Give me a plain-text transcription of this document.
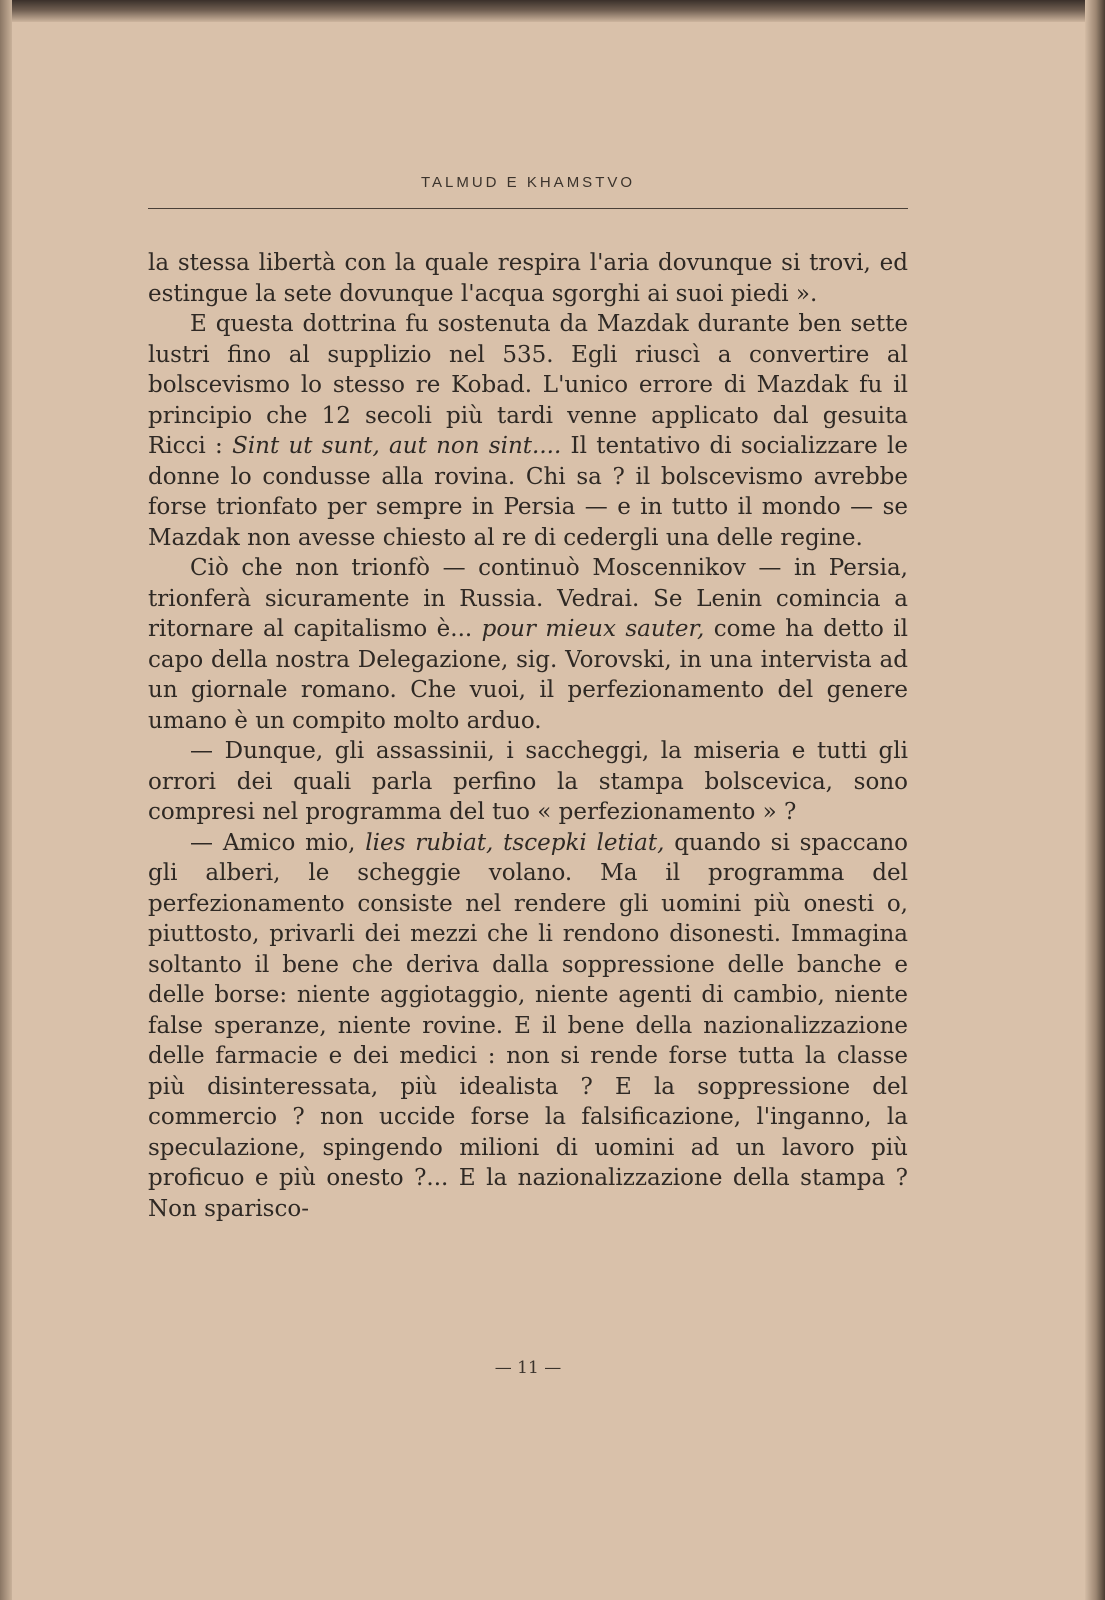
TALMUD E KHAMSTVO

la stessa libertà con la quale respira l'aria dovunque si trovi, ed estingue la sete dovunque l'acqua sgorghi ai suoi piedi ».

E questa dottrina fu sostenuta da Mazdak durante ben sette lustri fino al supplizio nel 535. Egli riuscì a convertire al bolscevismo lo stesso re Kobad. L'unico errore di Mazdak fu il principio che 12 secoli più tardi venne applicato dal gesuita Ricci : Sint ut sunt, aut non sint.... Il tentativo di socializzare le donne lo condusse alla rovina. Chi sa ? il bolscevismo avrebbe forse trionfato per sempre in Persia — e in tutto il mondo — se Mazdak non avesse chiesto al re di cedergli una delle regine.

Ciò che non trionfò — continuò Moscennikov — in Persia, trionferà sicuramente in Russia. Vedrai. Se Lenin comincia a ritornare al capitalismo è... pour mieux sauter, come ha detto il capo della nostra Delegazione, sig. Vorovski, in una intervista ad un giornale romano. Che vuoi, il perfezionamento del genere umano è un compito molto arduo.

— Dunque, gli assassinii, i saccheggi, la miseria e tutti gli orrori dei quali parla perfino la stampa bolscevica, sono compresi nel programma del tuo « perfezionamento » ?

— Amico mio, lies rubiat, tscepki letiat, quando si spaccano gli alberi, le scheggie volano. Ma il programma del perfezionamento consiste nel rendere gli uomini più onesti o, piuttosto, privarli dei mezzi che li rendono disonesti. Immagina soltanto il bene che deriva dalla soppressione delle banche e delle borse: niente aggiotaggio, niente agenti di cambio, niente false speranze, niente rovine. E il bene della nazionalizzazione delle farmacie e dei medici : non si rende forse tutta la classe più disinteressata, più idealista ? E la soppressione del commercio ? non uccide forse la falsificazione, l'inganno, la speculazione, spingendo milioni di uomini ad un lavoro più proficuo e più onesto ?... E la nazionalizzazione della stampa ? Non sparisco-

— 11 —
